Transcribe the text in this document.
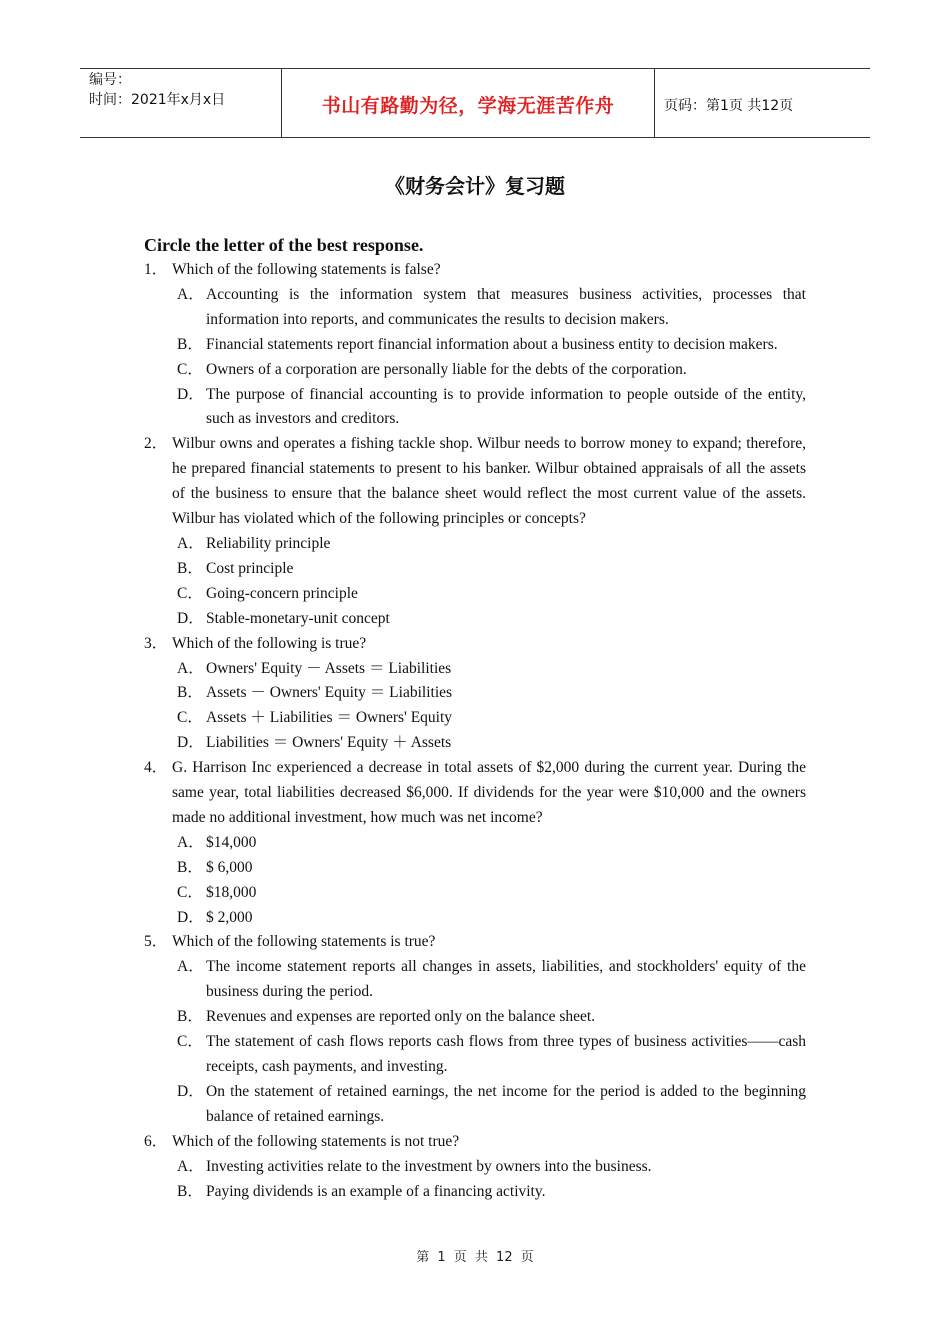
编号：
时间：2021年x月x日	书山有路勤为径，学海无涯苦作舟	页码：第1页 共12页
《财务会计》复习题
Circle the letter of the best response.
1． Which of the following statements is false?
A． Accounting is the information system that measures business activities, processes that information into reports, and communicates the results to decision makers.
B． Financial statements report financial information about a business entity to decision makers.
C． Owners of a corporation are personally liable for the debts of the corporation.
D． The purpose of financial accounting is to provide information to people outside of the entity, such as investors and creditors.
2． Wilbur owns and operates a fishing tackle shop. Wilbur needs to borrow money to expand; therefore, he prepared financial statements to present to his banker. Wilbur obtained appraisals of all the assets of the business to ensure that the balance sheet would reflect the most current value of the assets. Wilbur has violated which of the following principles or concepts?
A． Reliability principle
B． Cost principle
C． Going-concern principle
D． Stable-monetary-unit concept
3． Which of the following is true?
A． Owners' Equity － Assets ＝ Liabilities
B． Assets － Owners' Equity ＝ Liabilities
C． Assets ＋ Liabilities ＝ Owners' Equity
D． Liabilities ＝ Owners' Equity ＋ Assets
4． G. Harrison Inc experienced a decrease in total assets of $2,000 during the current year. During the same year, total liabilities decreased $6,000. If dividends for the year were $10,000 and the owners made no additional investment, how much was net income?
A． $14,000
B． $ 6,000
C． $18,000
D． $ 2,000
5． Which of the following statements is true?
A． The income statement reports all changes in assets, liabilities, and stockholders' equity of the business during the period.
B． Revenues and expenses are reported only on the balance sheet.
C． The statement of cash flows reports cash flows from three types of business activities——cash receipts, cash payments, and investing.
D． On the statement of retained earnings, the net income for the period is added to the beginning balance of retained earnings.
6． Which of the following statements is not true?
A． Investing activities relate to the investment by owners into the business.
B． Paying dividends is an example of a financing activity.
第 1 页 共 12 页
